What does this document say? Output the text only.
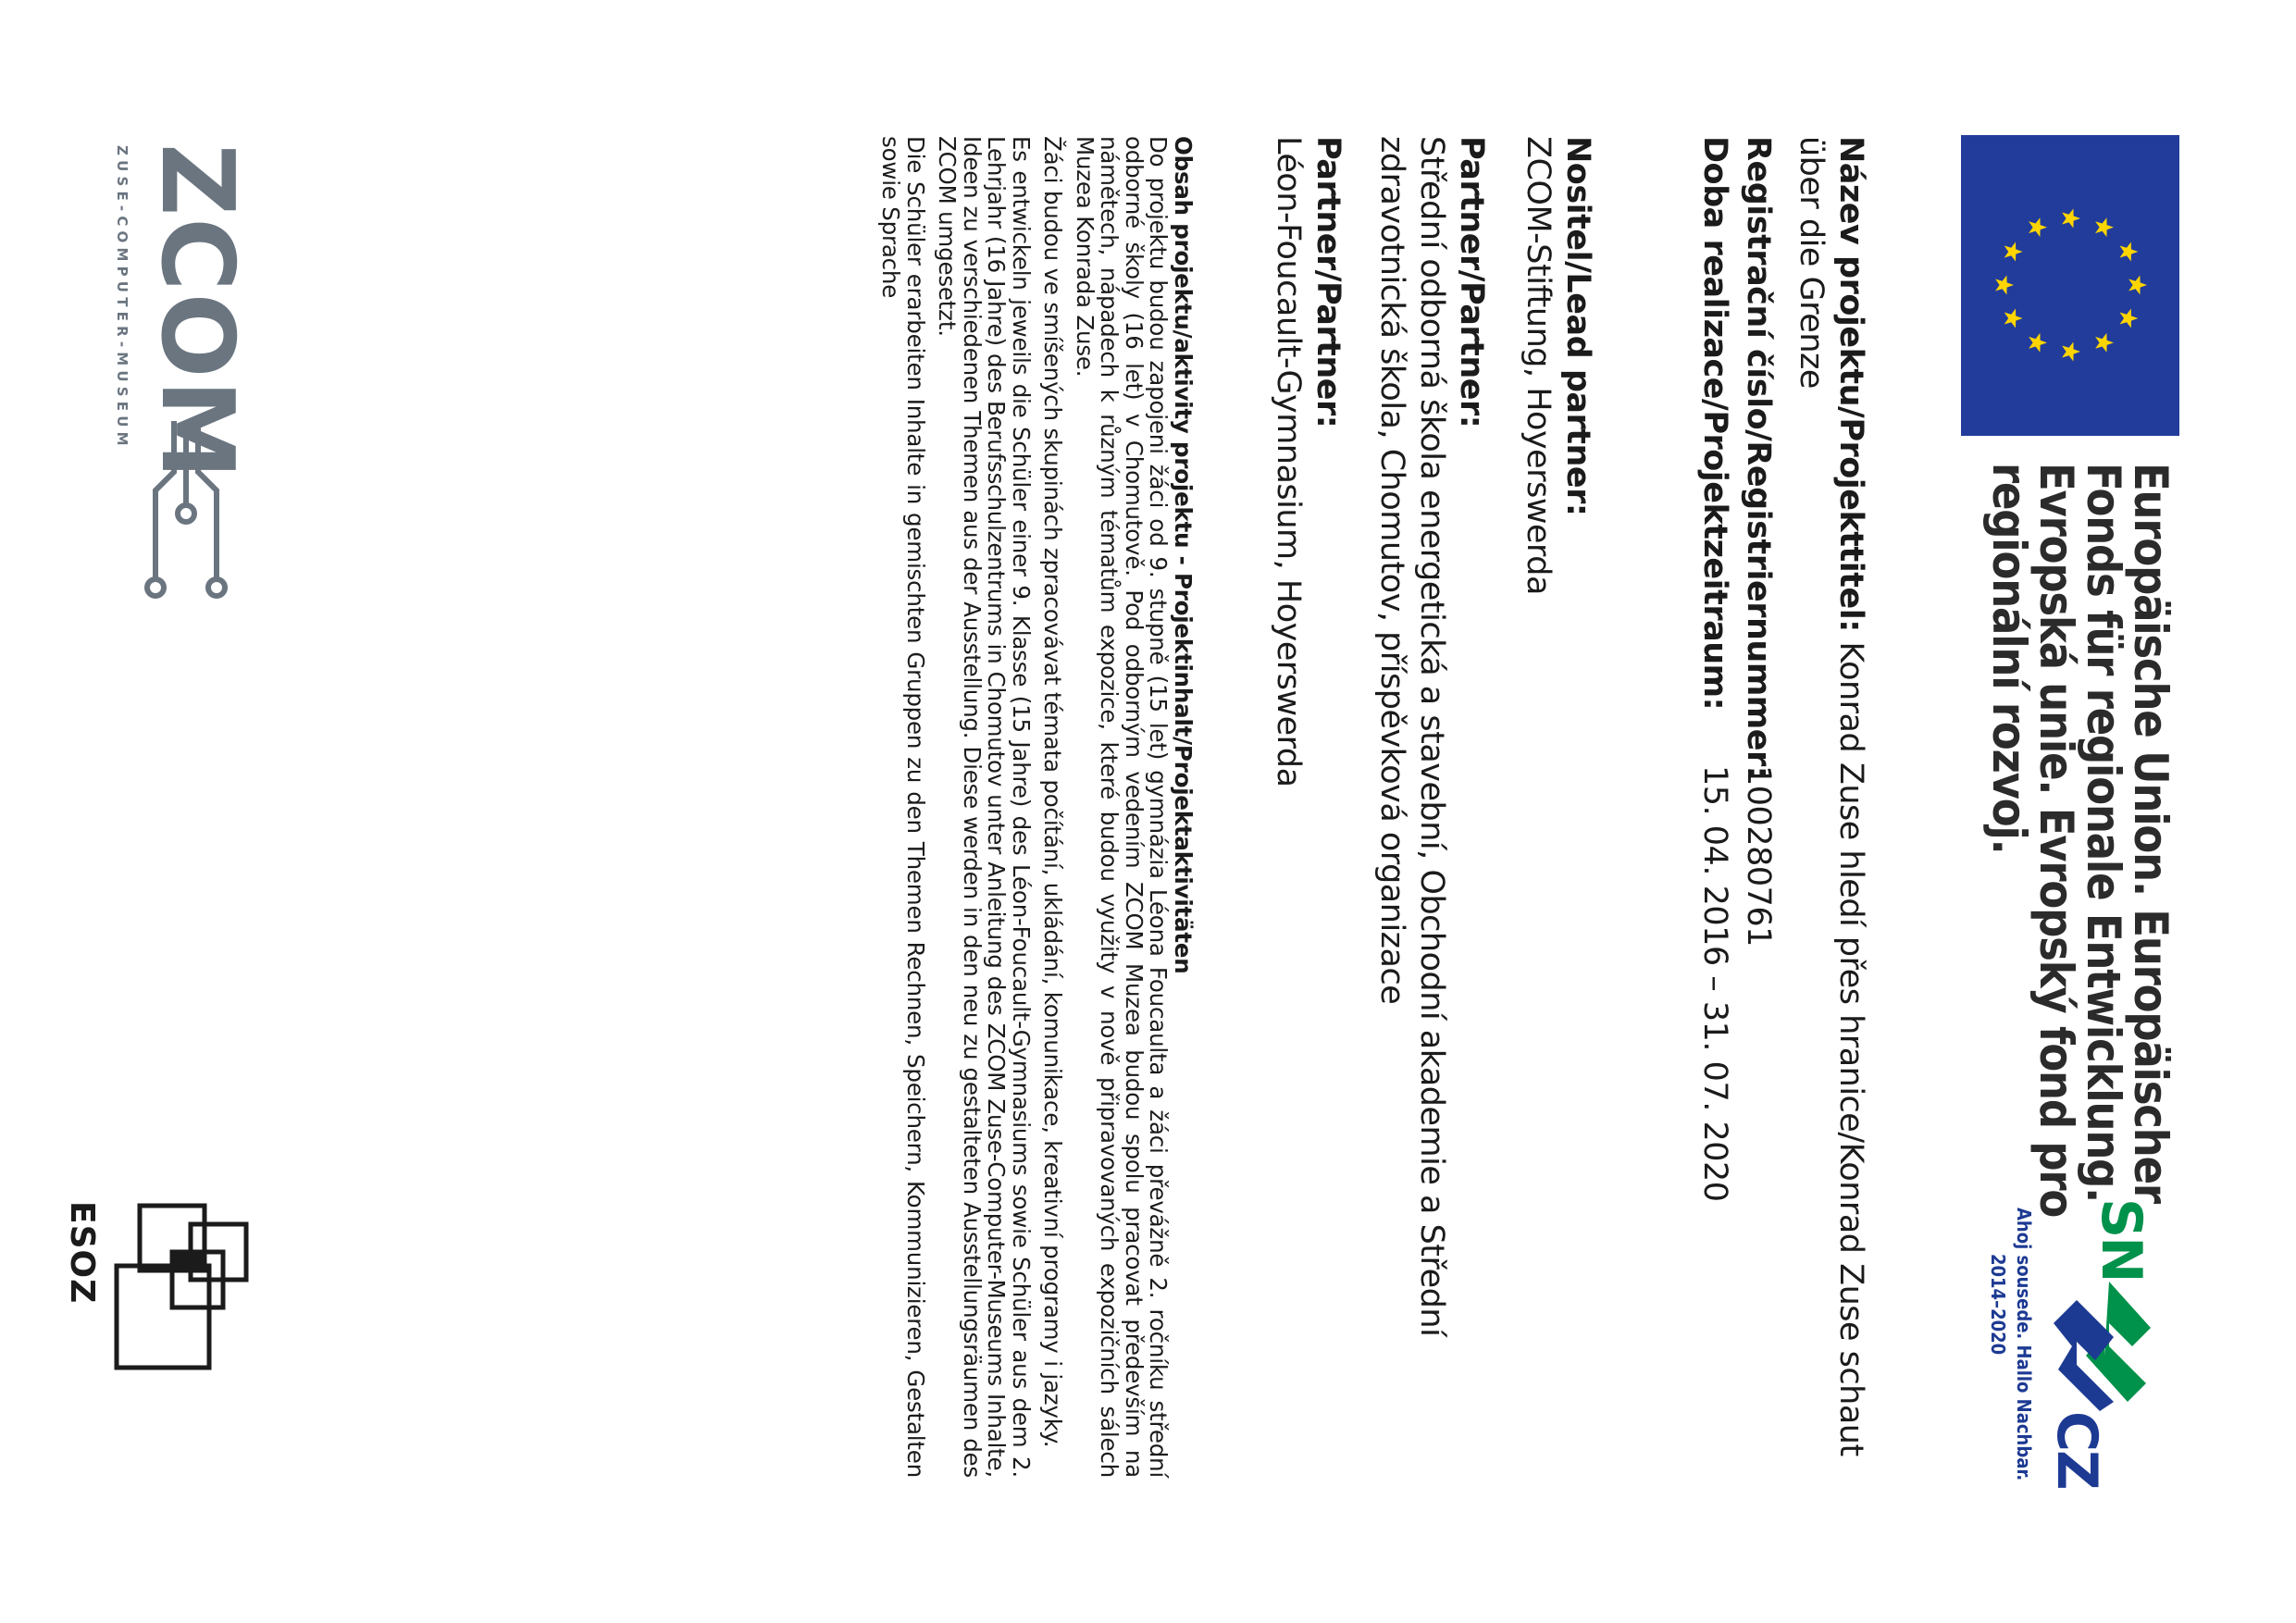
Europäische Union. Europäischer
Fonds für regionale Entwicklung.
Evropská unie. Evropský fond pro
regionální rozvoj.
SN
CZ
Ahoj sousede. Hallo Nachbar.
2014–2020
Název projektu/Projekttitel: Konrad Zuse hledí přes hranice/Konrad Zuse schaut über die Grenze
Registrační číslo/Registriernummer:
100280761
Doba realizace/Projektzeitraum:
15. 04. 2016 – 31. 07. 2020
Nositel/Lead partner:
ZCOM-Stiftung, Hoyerswerda
Partner/Partner:
Střední odborná škola energetická a stavební, Obchodní akademie a Střední zdravotnická škola, Chomutov, příspěvková organizace
Partner/Partner:
Léon-Foucault-Gymnasium, Hoyerswerda
Obsah projektu/aktivity projektu - Projektinhalt/Projektaktivitäten

Do projektu budou zapojeni žáci od 9. stupně (15 let) gymnázia Léona Foucaulta a žáci převážně 2. ročníku střední odborné školy (16 let) v Chomutově. Pod odborným vedením ZCOM Muzea budou spolu pracovat především na námětech, nápadech k různým tématům expozice, které budou využity v nově připravovaných expozičních sálech Muzea Konrada Zuse.

Žáci budou ve smíšených skupinách zpracovávat témata počítání, ukládání, komunikace, kreativní programy i jazyky.

Es entwickeln jeweils die Schüler einer 9. Klasse (15 Jahre) des Léon-Foucault-Gymnasiums sowie Schüler aus dem 2. Lehrjahr (16 Jahre) des Berufsschulzentrums in Chomutov unter Anleitung des ZCOM Zuse-Computer-Museums Inhalte, Ideen zu verschiedenen Themen aus der Ausstellung. Diese werden in den neu zu gestalteten Ausstellungsräumen des ZCOM umgesetzt.

Die Schüler erarbeiten Inhalte in gemischten Gruppen zu den Themen Rechnen, Speichern, Kommunizieren, Gestalten sowie Sprache

ZCOM
ZUSE-COMPUTER-MUSEUM
ESOZ
